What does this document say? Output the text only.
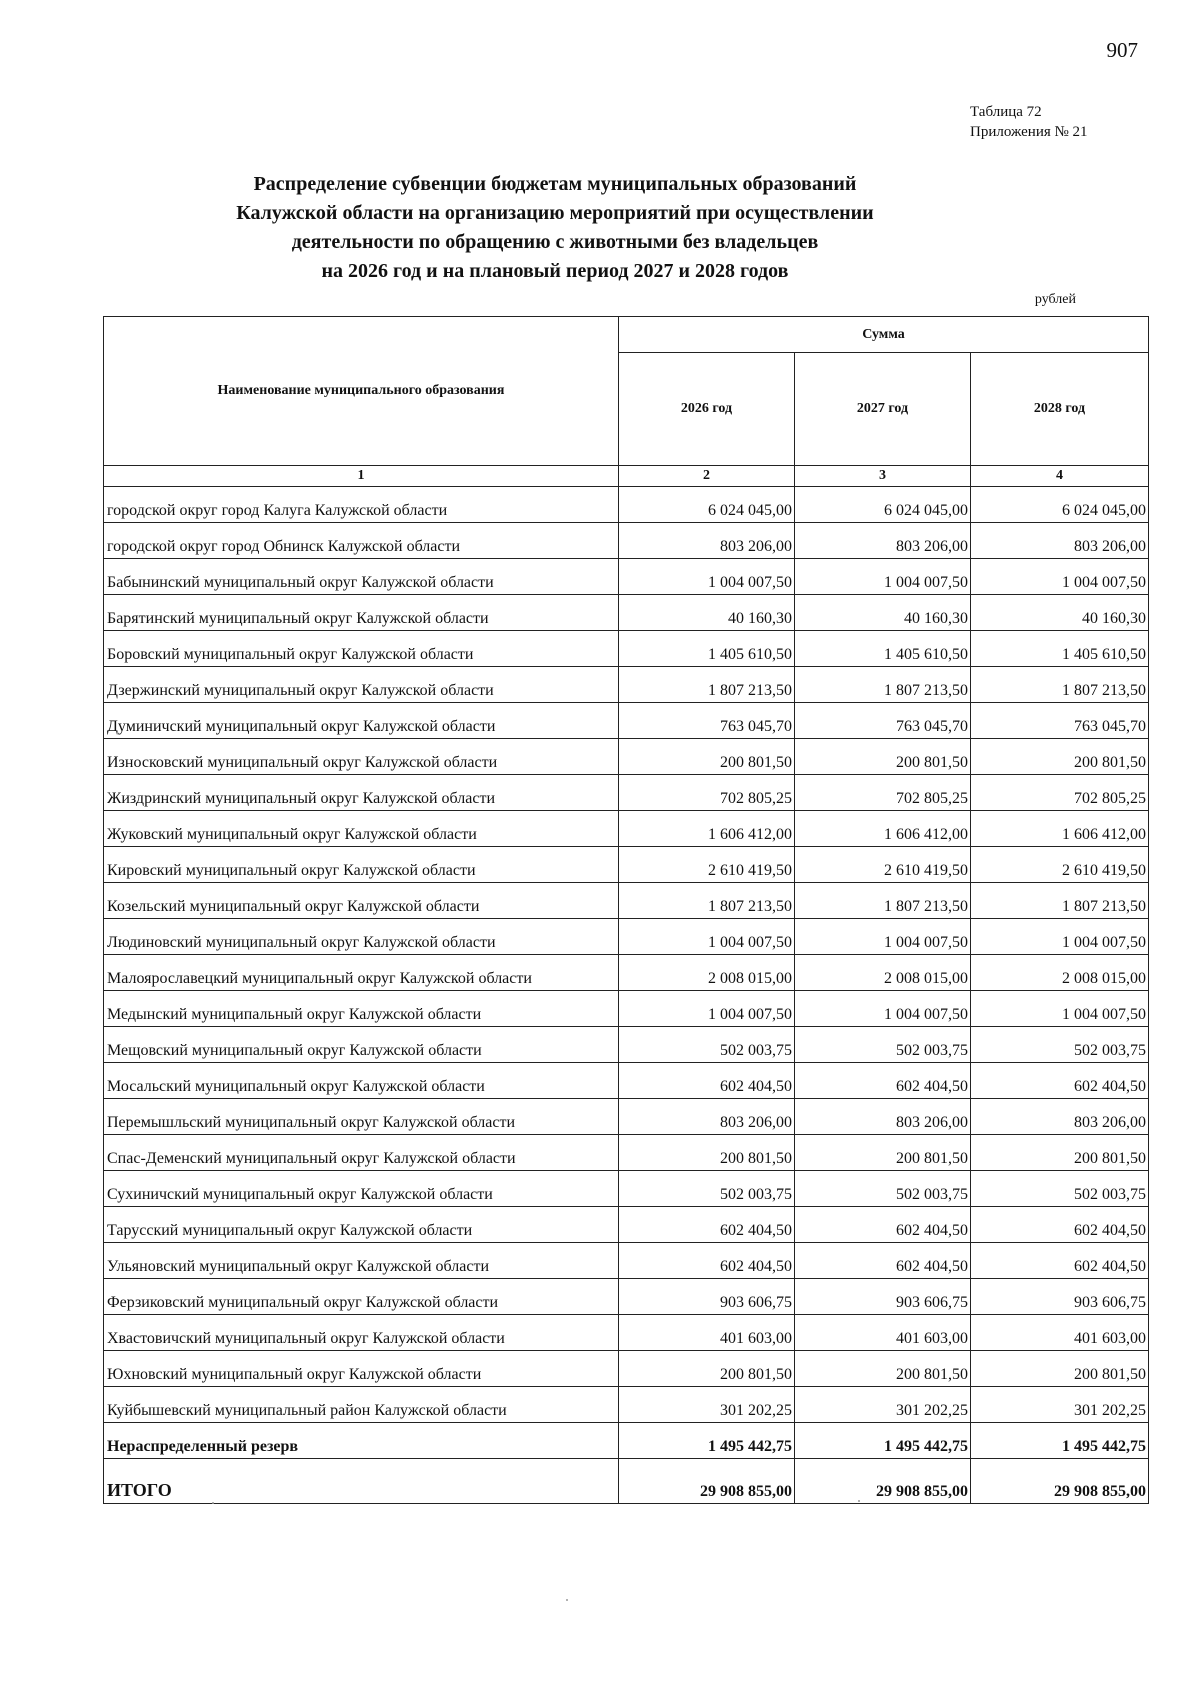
907
Таблица 72
Приложения № 21
Распределение субвенции бюджетам муниципальных образований
Калужской области на организацию мероприятий при осуществлении
деятельности по обращению с животными без владельцев
на 2026 год и на плановый период 2027 и 2028 годов
рублей
Наименование муниципального образования	Сумма		
	2026 год	2027 год	2028 год
1	2	3	4
городской округ город Калуга Калужской области	6 024 045,00	6 024 045,00	6 024 045,00
городской округ город Обнинск Калужской области	803 206,00	803 206,00	803 206,00
Бабынинский муниципальный округ Калужской области	1 004 007,50	1 004 007,50	1 004 007,50
Барятинский муниципальный округ Калужской области	40 160,30	40 160,30	40 160,30
Боровский муниципальный округ Калужской области	1 405 610,50	1 405 610,50	1 405 610,50
Дзержинский муниципальный округ Калужской области	1 807 213,50	1 807 213,50	1 807 213,50
Думиничский муниципальный округ Калужской области	763 045,70	763 045,70	763 045,70
Износковский муниципальный округ Калужской области	200 801,50	200 801,50	200 801,50
Жиздринский муниципальный округ Калужской области	702 805,25	702 805,25	702 805,25
Жуковский муниципальный округ Калужской области	1 606 412,00	1 606 412,00	1 606 412,00
Кировский муниципальный округ Калужской области	2 610 419,50	2 610 419,50	2 610 419,50
Козельский муниципальный округ Калужской области	1 807 213,50	1 807 213,50	1 807 213,50
Людиновский муниципальный округ Калужской области	1 004 007,50	1 004 007,50	1 004 007,50
Малоярославецкий муниципальный округ Калужской области	2 008 015,00	2 008 015,00	2 008 015,00
Медынский муниципальный округ Калужской области	1 004 007,50	1 004 007,50	1 004 007,50
Мещовский муниципальный округ Калужской области	502 003,75	502 003,75	502 003,75
Мосальский муниципальный округ Калужской области	602 404,50	602 404,50	602 404,50
Перемышльский муниципальный округ Калужской области	803 206,00	803 206,00	803 206,00
Спас-Деменский муниципальный округ Калужской области	200 801,50	200 801,50	200 801,50
Сухиничский муниципальный округ Калужской области	502 003,75	502 003,75	502 003,75
Тарусский муниципальный округ Калужской области	602 404,50	602 404,50	602 404,50
Ульяновский муниципальный округ Калужской области	602 404,50	602 404,50	602 404,50
Ферзиковский муниципальный округ Калужской области	903 606,75	903 606,75	903 606,75
Хвастовичский муниципальный округ Калужской области	401 603,00	401 603,00	401 603,00
Юхновский муниципальный округ Калужской области	200 801,50	200 801,50	200 801,50
Куйбышевский муниципальный район Калужской области	301 202,25	301 202,25	301 202,25
Нераспределенный резерв	1 495 442,75	1 495 442,75	1 495 442,75
ИТОГО	29 908 855,00	29 908 855,00	29 908 855,00
